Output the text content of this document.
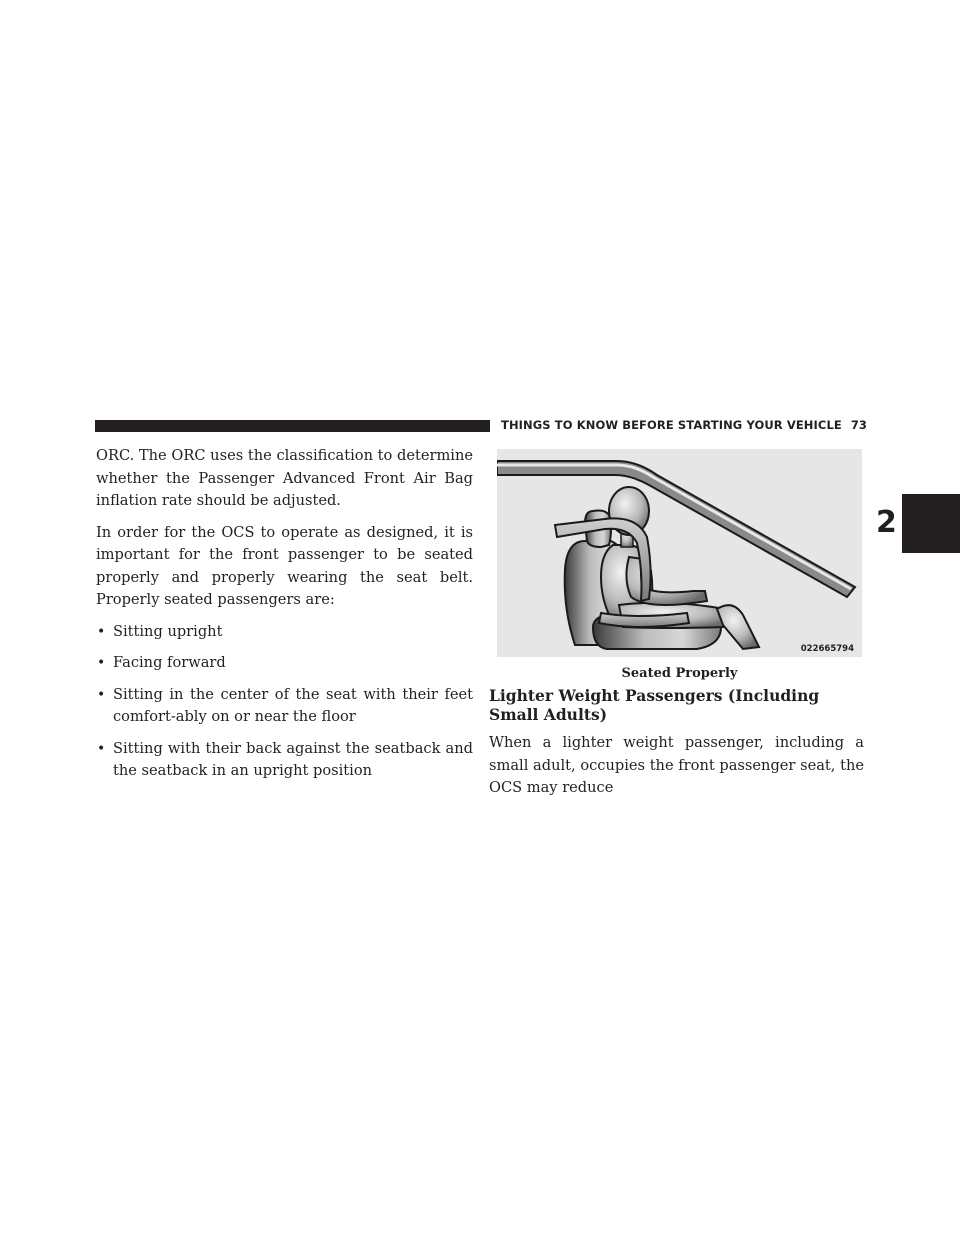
THINGS TO KNOW BEFORE STARTING YOUR VEHICLE 73
2

ORC. The ORC uses the classification to determine whether the Passenger Advanced Front Air Bag inflation rate should be adjusted.

In order for the OCS to operate as designed, it is important for the front passenger to be seated properly and properly wearing the seat belt. Properly seated passengers are:

• Sitting upright
• Facing forward
• Sitting in the center of the seat with their feet comfort-ably on or near the floor
• Sitting with their back against the seatback and the seatback in an upright position
022665794
Seated Properly
Lighter Weight Passengers (Including Small Adults)

When a lighter weight passenger, including a small adult, occupies the front passenger seat, the OCS may reduce
